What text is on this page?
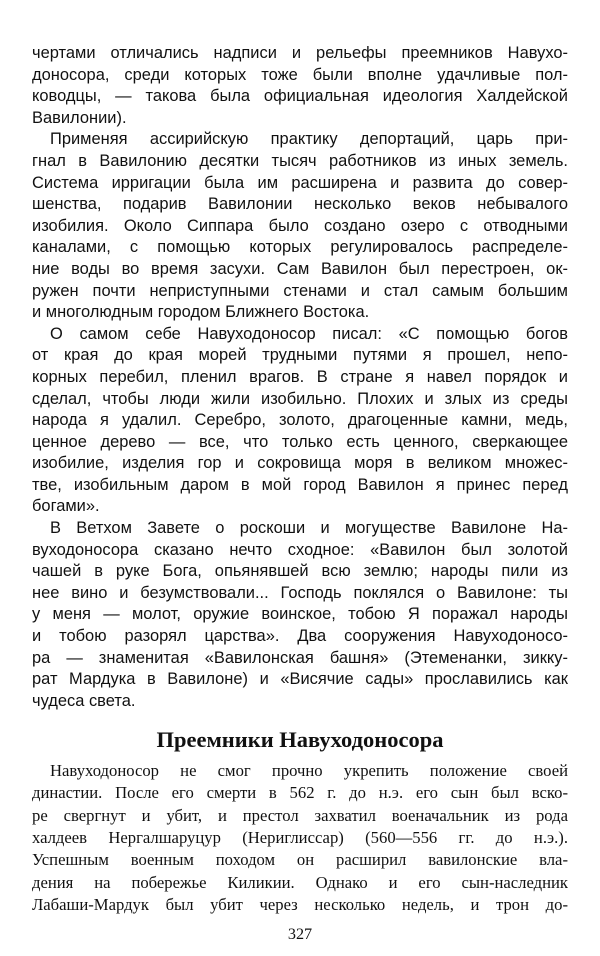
чертами отличались надписи и рельефы преемников Навухо-
доносора, среди которых тоже были вполне удачливые пол-
ководцы, — такова была официальная идеология Халдейской
Вавилонии).
Применяя ассирийскую практику депортаций, царь при-
гнал в Вавилонию десятки тысяч работников из иных земель.
Система ирригации была им расширена и развита до совер-
шенства, подарив Вавилонии несколько веков небывалого
изобилия. Около Сиппара было создано озеро с отводными
каналами, с помощью которых регулировалось распределе-
ние воды во время засухи. Сам Вавилон был перестроен, ок-
ружен почти неприступными стенами и стал самым большим
и многолюдным городом Ближнего Востока.
О самом себе Навуходоносор писал: «С помощью богов
от края до края морей трудными путями я прошел, непо-
корных перебил, пленил врагов. В стране я навел порядок и
сделал, чтобы люди жили изобильно. Плохих и злых из среды
народа я удалил. Серебро, золото, драгоценные камни, медь,
ценное дерево — все, что только есть ценного, сверкающее
изобилие, изделия гор и сокровища моря в великом множес-
тве, изобильным даром в мой город Вавилон я принес перед
богами».
В Ветхом Завете о роскоши и могуществе Вавилоне На-
вуходоносора сказано нечто сходное: «Вавилон был золотой
чашей в руке Бога, опьянявшей всю землю; народы пили из
нее вино и безумствовали... Господь поклялся о Вавилоне: ты
у меня — молот, оружие воинское, тобою Я поражал народы
и тобою разорял царства». Два сооружения Навуходоносо-
ра — знаменитая «Вавилонская башня» (Этеменанки, зикку-
рат Мардука в Вавилоне) и «Висячие сады» прославились как
чудеса света.
Преемники Навуходоносора
Навуходоносор не смог прочно укрепить положение своей
династии. После его смерти в 562 г. до н.э. его сын был вско-
ре свергнут и убит, и престол захватил военачальник из рода
халдеев Нергалшаруцур (Нериглиссар) (560—556 гг. до н.э.).
Успешным военным походом он расширил вавилонские вла-
дения на побережье Киликии. Однако и его сын-наследник
Лабаши-Мардук был убит через несколько недель, и трон до-
327
